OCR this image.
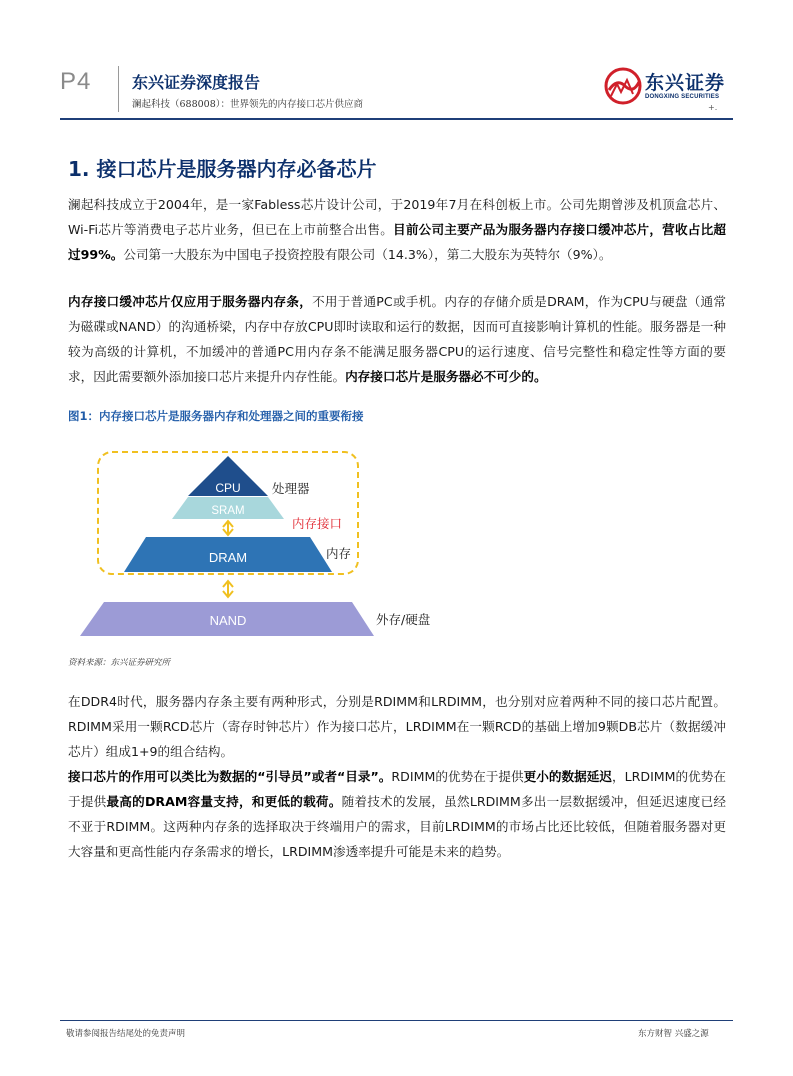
P4	东兴证券深度报告
澜起科技（688008）：世界领先的内存接口芯片供应商
东兴证券
DONGXING SECURITIES
+.
1. 接口芯片是服务器内存必备芯片
澜起科技成立于2004年，是一家Fabless芯片设计公司，于2019年7月在科创板上市。公司先期曾涉及机顶盒芯片、Wi-Fi芯片等消费电子芯片业务，但已在上市前整合出售。目前公司主要产品为服务器内存接口缓冲芯片，营收占比超过99%。公司第一大股东为中国电子投资控股有限公司（14.3%），第二大股东为英特尔（9%）。
内存接口缓冲芯片仅应用于服务器内存条，不用于普通PC或手机。内存的存储介质是DRAM，作为CPU与硬盘（通常为磁碟或NAND）的沟通桥梁，内存中存放CPU即时读取和运行的数据，因而可直接影响计算机的性能。服务器是一种较为高级的计算机，不加缓冲的普通PC用内存条不能满足服务器CPU的运行速度、信号完整性和稳定性等方面的要求，因此需要额外添加接口芯片来提升内存性能。内存接口芯片是服务器必不可少的。
图1：内存接口芯片是服务器内存和处理器之间的重要衔接
CPU
SRAM
DRAM
NAND
处理器
内存接口
内存
外存/硬盘
资料来源：东兴证券研究所
在DDR4时代，服务器内存条主要有两种形式，分别是RDIMM和LRDIMM，也分别对应着两种不同的接口芯片配置。RDIMM采用一颗RCD芯片（寄存时钟芯片）作为接口芯片，LRDIMM在一颗RCD的基础上增加9颗DB芯片（数据缓冲芯片）组成1+9的组合结构。
接口芯片的作用可以类比为数据的“引导员”或者“目录”。RDIMM的优势在于提供更小的数据延迟，LRDIMM的优势在于提供最高的DRAM容量支持，和更低的载荷。随着技术的发展，虽然LRDIMM多出一层数据缓冲，但延迟速度已经不亚于RDIMM。这两种内存条的选择取决于终端用户的需求，目前LRDIMM的市场占比还比较低，但随着服务器对更大容量和更高性能内存条需求的增长，LRDIMM渗透率提升可能是未来的趋势。
敬请参阅报告结尾处的免责声明	东方财智 兴盛之源
